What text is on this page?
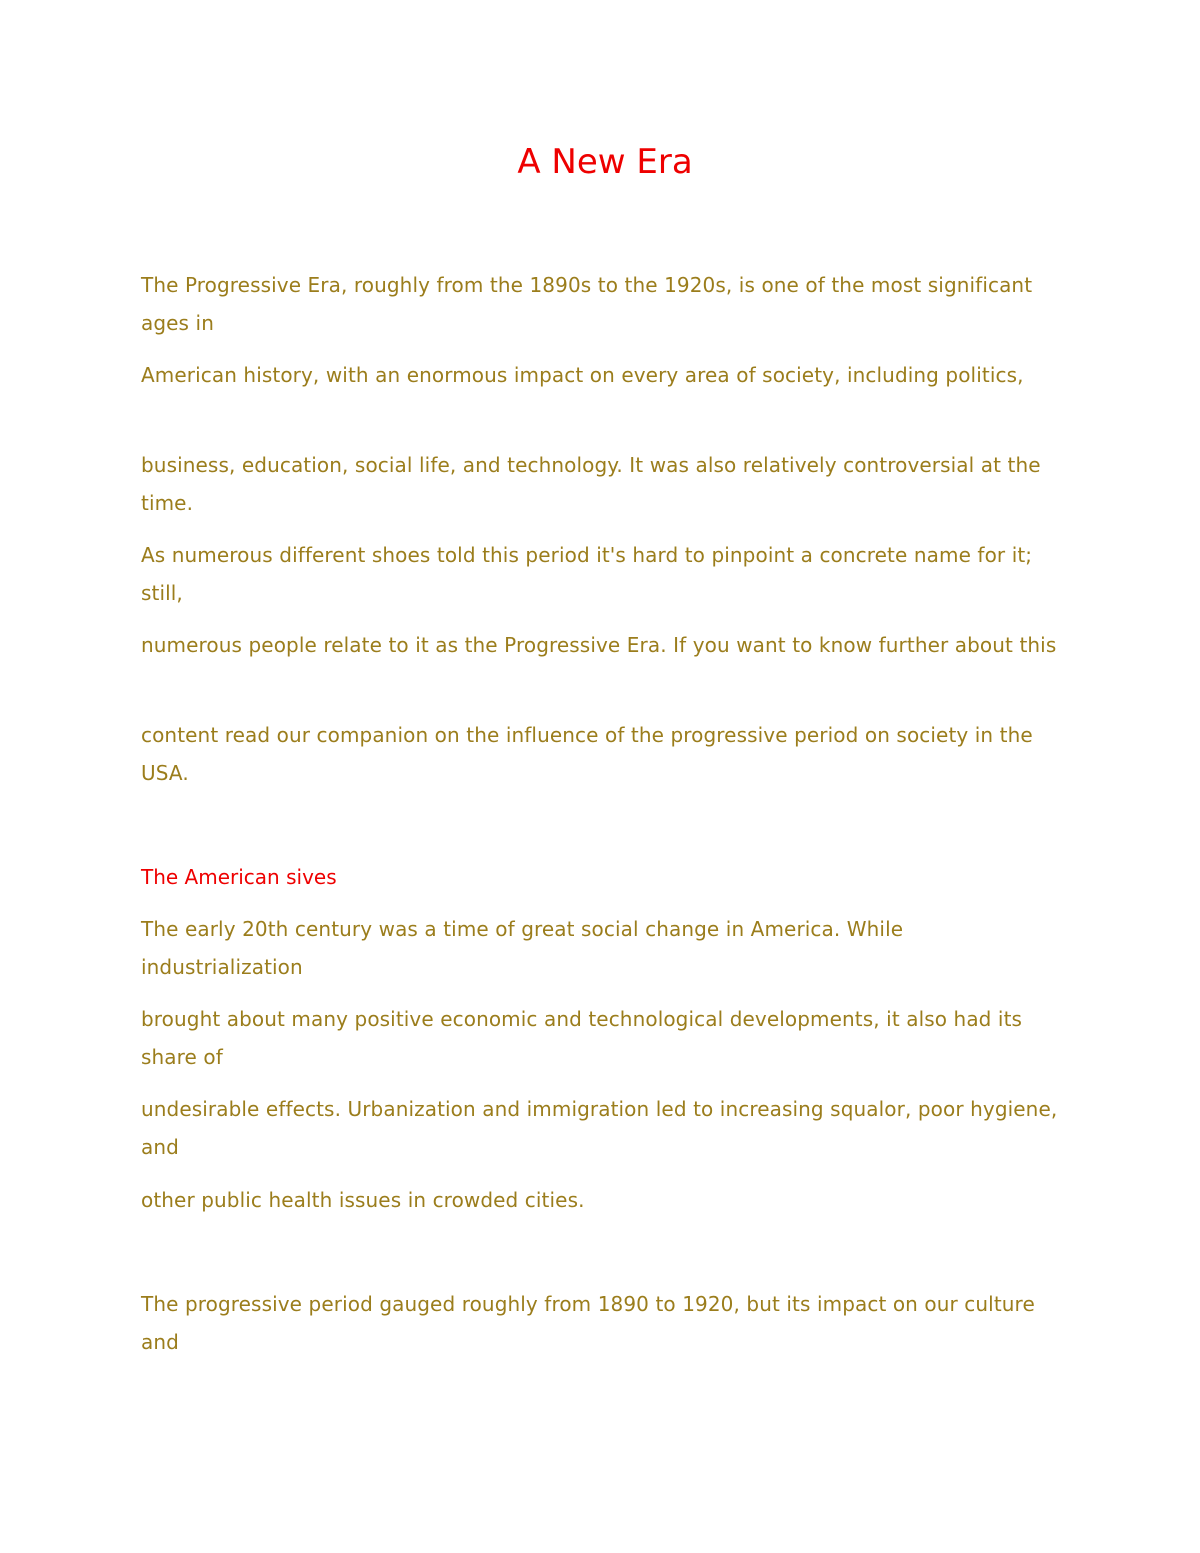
A New Era

The Progressive Era, roughly from the 1890s to the 1920s, is one of the most significant ages in

American history, with an enormous impact on every area of society, including politics,

business, education, social life, and technology. It was also relatively controversial at the time.

As numerous different shoes told this period it's hard to pinpoint a concrete name for it; still,

numerous people relate to it as the Progressive Era. If you want to know further about this

content read our companion on the influence of the progressive period on society in the USA.

The American sives

The early 20th century was a time of great social change in America. While industrialization

brought about many positive economic and technological developments, it also had its share of

undesirable effects. Urbanization and immigration led to increasing squalor, poor hygiene, and

other public health issues in crowded cities.

The progressive period gauged roughly from 1890 to 1920, but its impact on our culture and
